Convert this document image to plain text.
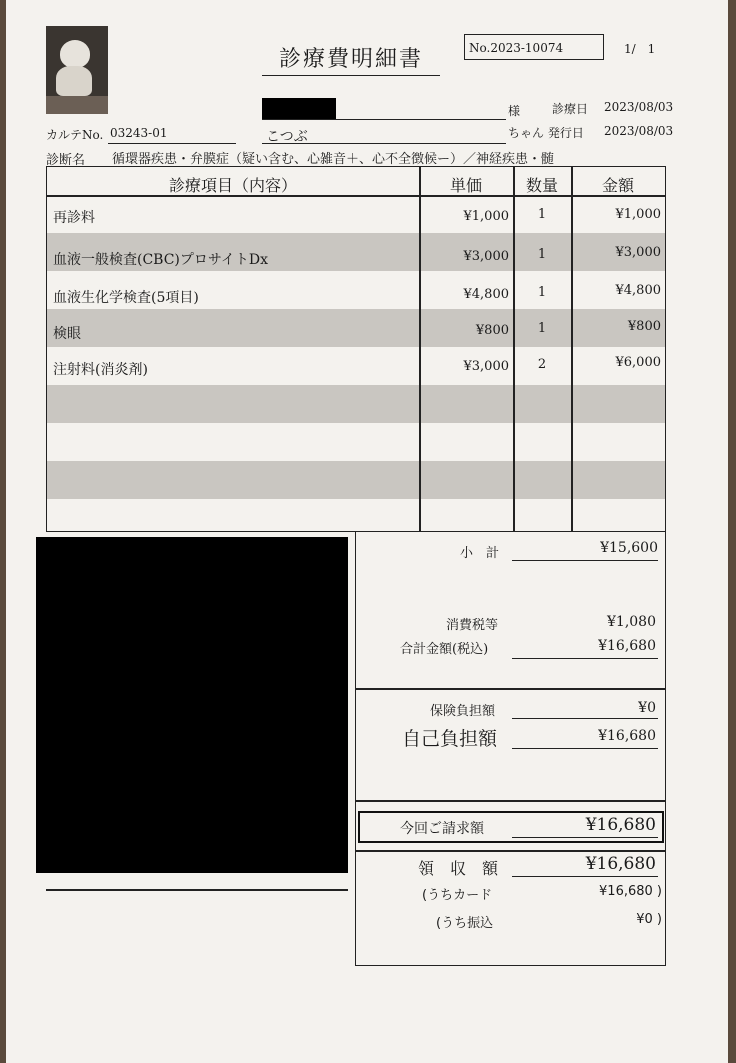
診療費明細書	No.2023-10074	1/　1
様	診療日 2023/08/03
カルテNo. 03243-01	こつぶ	ちゃん 発行日 2023/08/03
診断名 循環器疾患・弁膜症（疑い含む、心雑音＋、心不全徴候ー）／神経疾患・髄
診療項目（内容）	単価	数量	金額
再診料	¥1,000	1	¥1,000
血液一般検査(CBC)プロサイトDx	¥3,000	1	¥3,000
血液生化学検査(5項目)	¥4,800	1	¥4,800
検眼	¥800	1	¥800
注射料(消炎剤)	¥3,000	2	¥6,000
小　計	¥15,600
消費税等	¥1,080
合計金額(税込)	¥16,680
保険負担額	¥0
自己負担額	¥16,680
領　収　額	¥16,680
(うちカード	¥16,680 )
(うち振込	¥0 )
今回ご請求額	¥16,680
